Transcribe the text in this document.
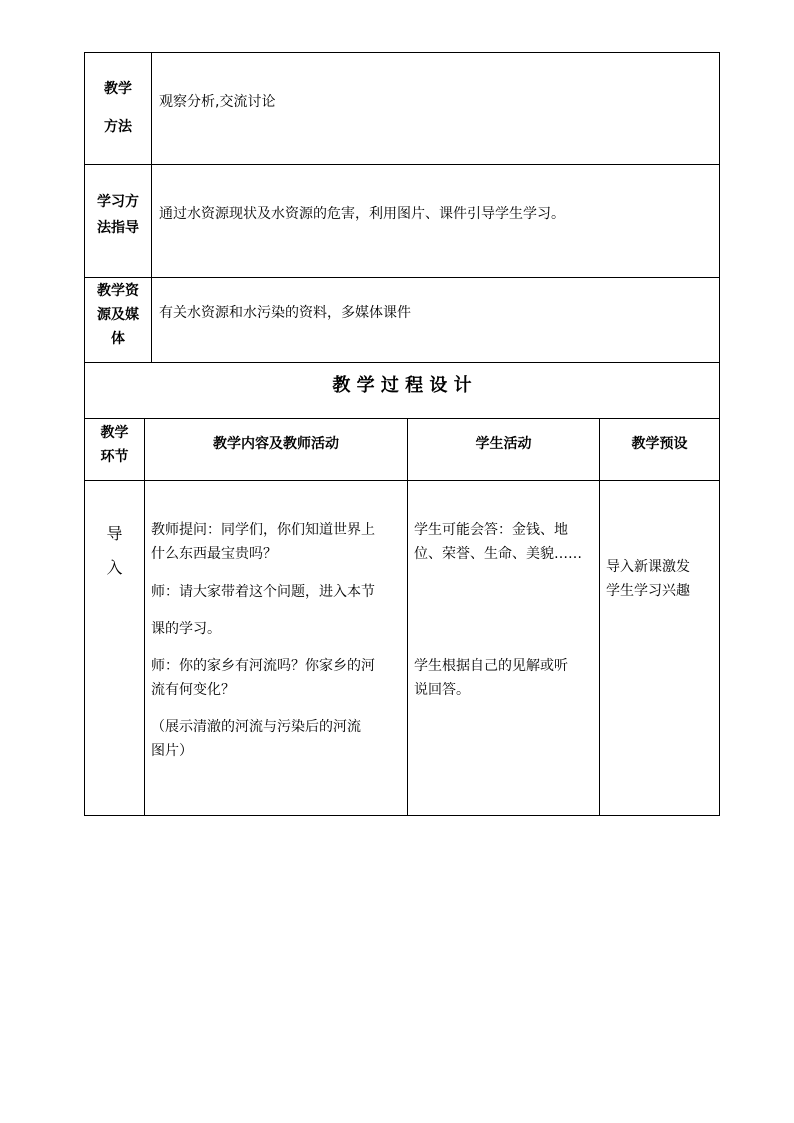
教学
方法
观察分析,交流讨论
学习方
法指导
通过水资源现状及水资源的危害，利用图片、课件引导学生学习。
教学资
源及媒
体
有关水资源和水污染的资料，多媒体课件
教 学 过 程 设 计
教学
环节
教学内容及教师活动	学生活动	教学预设
导
入
教师提问：同学们，你们知道世界上
什么东西最宝贵吗？
师：请大家带着这个问题，进入本节
课的学习。
师：你的家乡有河流吗？你家乡的河
流有何变化？
（展示清澈的河流与污染后的河流
图片）
学生可能会答：金钱、地
位、荣誉、生命、美貌……
学生根据自己的见解或听
说回答。
导入新课激发
学生学习兴趣
